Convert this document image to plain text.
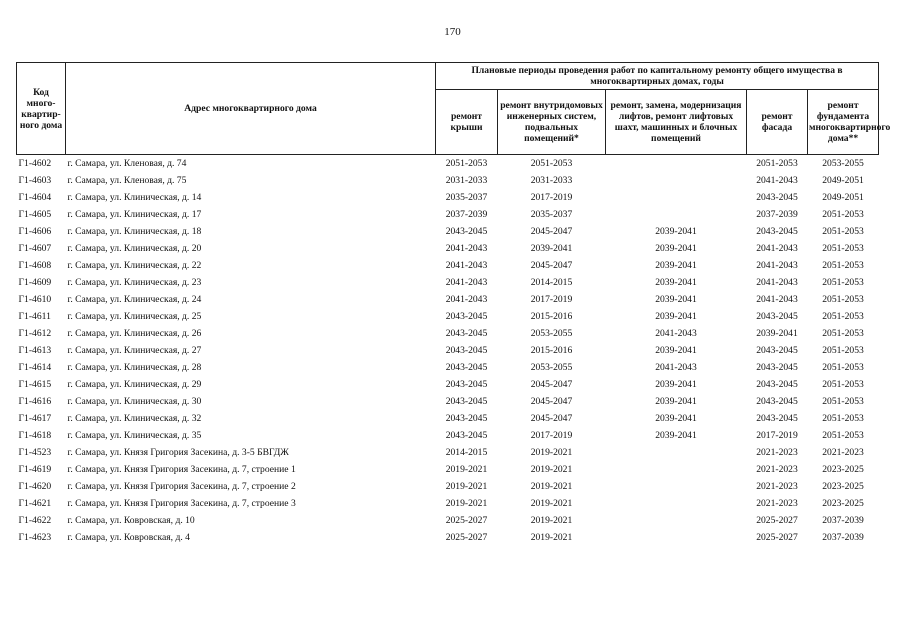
170
Код много-квартир-ного дома	Адрес многоквартирного дома	Плановые периоды проведения работ по капитальному ремонту общего имущества в многоквартирных домах, годы				
		ремонт крыши	ремонт внутридомовых инженерных систем, подвальных помещений*	ремонт, замена, модернизация лифтов, ремонт лифтовых шахт, машинных и блочных помещений	ремонт фасада	ремонт фундамента многоквартирного дома**
Г1-4602	г. Самара, ул. Кленовая, д. 74	2051-2053	2051-2053		2051-2053	2053-2055
Г1-4603	г. Самара, ул. Кленовая, д. 75	2031-2033	2031-2033		2041-2043	2049-2051
Г1-4604	г. Самара, ул. Клиническая, д. 14	2035-2037	2017-2019		2043-2045	2049-2051
Г1-4605	г. Самара, ул. Клиническая, д. 17	2037-2039	2035-2037		2037-2039	2051-2053
Г1-4606	г. Самара, ул. Клиническая, д. 18	2043-2045	2045-2047	2039-2041	2043-2045	2051-2053
Г1-4607	г. Самара, ул. Клиническая, д. 20	2041-2043	2039-2041	2039-2041	2041-2043	2051-2053
Г1-4608	г. Самара, ул. Клиническая, д. 22	2041-2043	2045-2047	2039-2041	2041-2043	2051-2053
Г1-4609	г. Самара, ул. Клиническая, д. 23	2041-2043	2014-2015	2039-2041	2041-2043	2051-2053
Г1-4610	г. Самара, ул. Клиническая, д. 24	2041-2043	2017-2019	2039-2041	2041-2043	2051-2053
Г1-4611	г. Самара, ул. Клиническая, д. 25	2043-2045	2015-2016	2039-2041	2043-2045	2051-2053
Г1-4612	г. Самара, ул. Клиническая, д. 26	2043-2045	2053-2055	2041-2043	2039-2041	2051-2053
Г1-4613	г. Самара, ул. Клиническая, д. 27	2043-2045	2015-2016	2039-2041	2043-2045	2051-2053
Г1-4614	г. Самара, ул. Клиническая, д. 28	2043-2045	2053-2055	2041-2043	2043-2045	2051-2053
Г1-4615	г. Самара, ул. Клиническая, д. 29	2043-2045	2045-2047	2039-2041	2043-2045	2051-2053
Г1-4616	г. Самара, ул. Клиническая, д. 30	2043-2045	2045-2047	2039-2041	2043-2045	2051-2053
Г1-4617	г. Самара, ул. Клиническая, д. 32	2043-2045	2045-2047	2039-2041	2043-2045	2051-2053
Г1-4618	г. Самара, ул. Клиническая, д. 35	2043-2045	2017-2019	2039-2041	2017-2019	2051-2053
Г1-4523	г. Самара, ул. Князя Григория Засекина, д. 3-5 БВГДЖ	2014-2015	2019-2021		2021-2023	2021-2023
Г1-4619	г. Самара, ул. Князя Григория Засекина, д. 7, строение 1	2019-2021	2019-2021		2021-2023	2023-2025
Г1-4620	г. Самара, ул. Князя Григория Засекина, д. 7, строение 2	2019-2021	2019-2021		2021-2023	2023-2025
Г1-4621	г. Самара, ул. Князя Григория Засекина, д. 7, строение 3	2019-2021	2019-2021		2021-2023	2023-2025
Г1-4622	г. Самара, ул. Ковровская, д. 10	2025-2027	2019-2021		2025-2027	2037-2039
Г1-4623	г. Самара, ул. Ковровская, д. 4	2025-2027	2019-2021		2025-2027	2037-2039
